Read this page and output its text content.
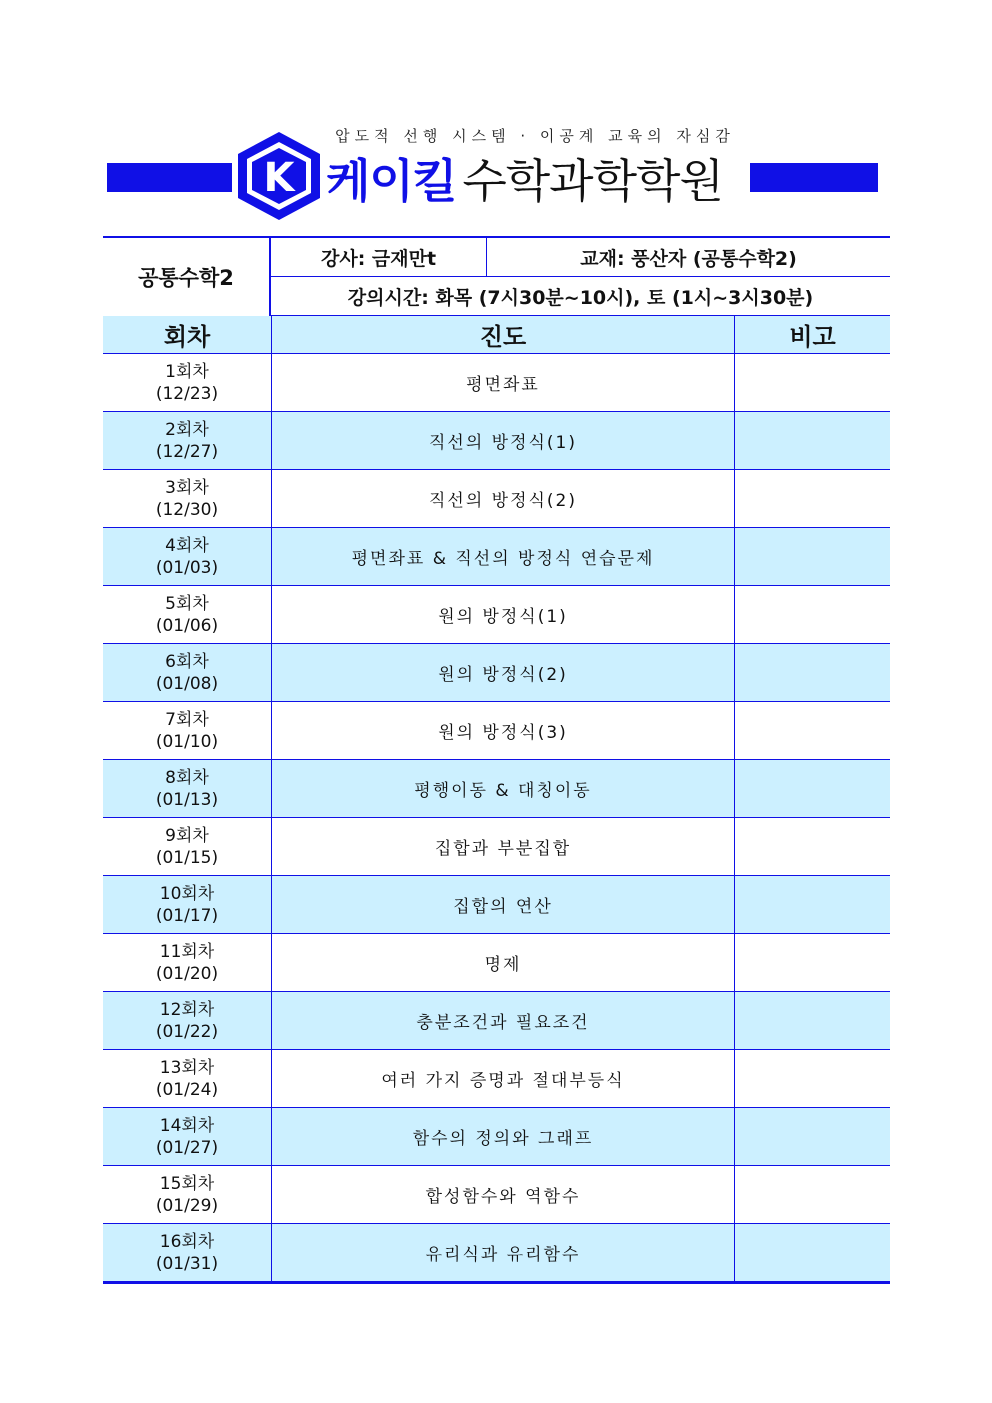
압도적 선행 시스템 · 이공계 교육의 자심감
K 케이킬 수학과학학원
공통수학2	강사: 금재만t	교재: 풍산자 (공통수학2)
강의시간: 화목 (7시30분~10시), 토 (1시~3시30분)
회차	진도	비고

1회차
(12/23)	평면좌표	

2회차
(12/27)	직선의 방정식(1)	

3회차
(12/30)	직선의 방정식(2)	

4회차
(01/03)	평면좌표 & 직선의 방정식 연습문제	

5회차
(01/06)	원의 방정식(1)	

6회차
(01/08)	원의 방정식(2)	

7회차
(01/10)	원의 방정식(3)	

8회차
(01/13)	평행이동 & 대칭이동	

9회차
(01/15)	집합과 부분집합	

10회차
(01/17)	집합의 연산	

11회차
(01/20)	명제	

12회차
(01/22)	충분조건과 필요조건	

13회차
(01/24)	여러 가지 증명과 절대부등식	

14회차
(01/27)	함수의 정의와 그래프	

15회차
(01/29)	합성함수와 역함수	

16회차
(01/31)	유리식과 유리함수	
